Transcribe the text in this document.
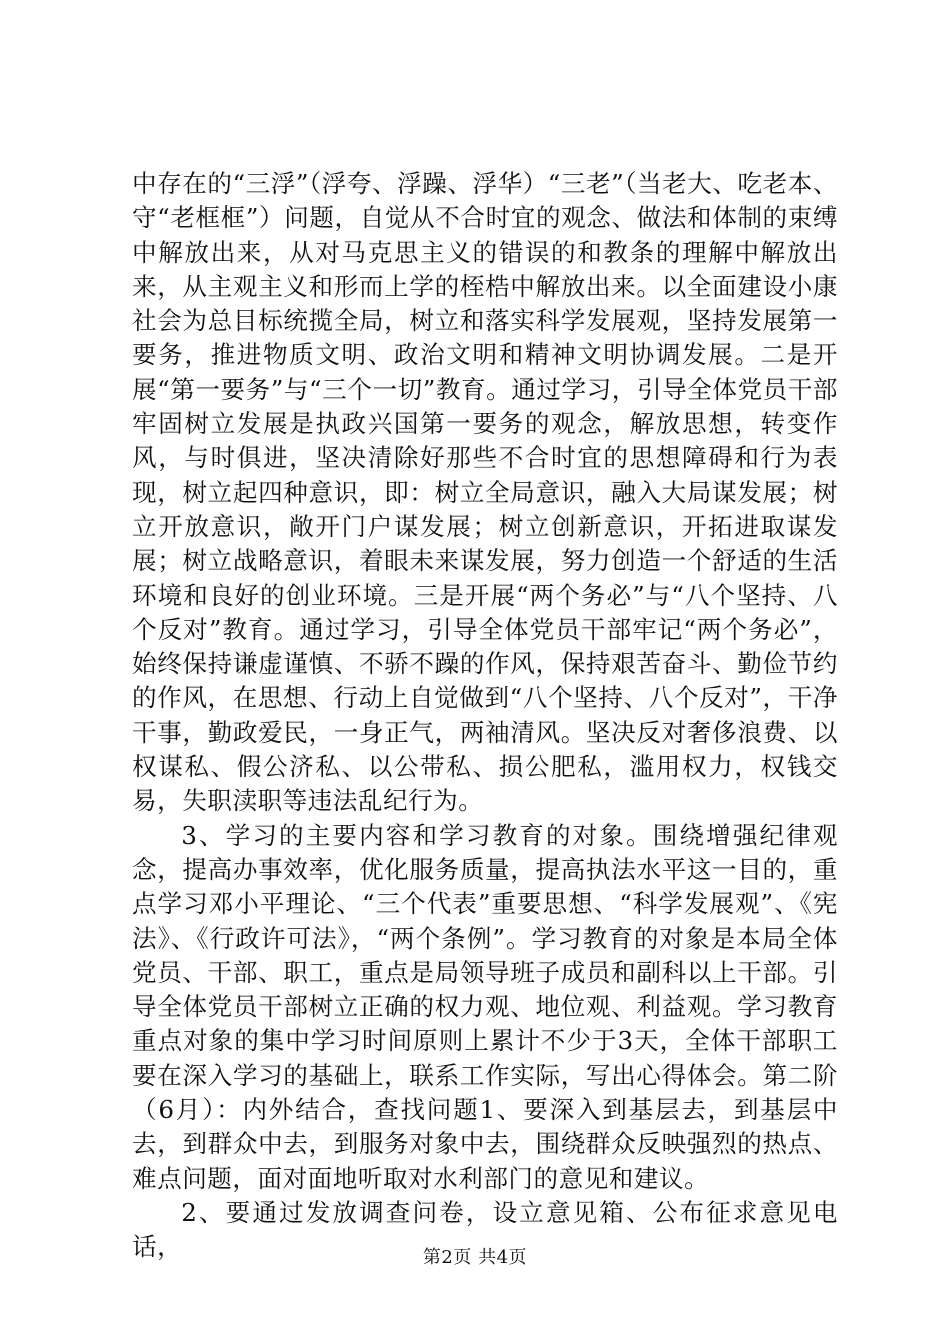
中存在的“三浮”（浮夸、浮躁、浮华）“三老”（当老大、吃老本、守“老框框”）问题，自觉从不合时宜的观念、做法和体制的束缚中解放出来，从对马克思主义的错误的和教条的理解中解放出来，从主观主义和形而上学的桎梏中解放出来。以全面建设小康社会为总目标统揽全局，树立和落实科学发展观，坚持发展第一要务，推进物质文明、政治文明和精神文明协调发展。二是开展“第一要务”与“三个一切”教育。通过学习，引导全体党员干部牢固树立发展是执政兴国第一要务的观念，解放思想，转变作风，与时俱进，坚决清除好那些不合时宜的思想障碍和行为表现，树立起四种意识，即：树立全局意识，融入大局谋发展；树立开放意识，敞开门户谋发展；树立创新意识，开拓进取谋发展；树立战略意识，着眼未来谋发展，努力创造一个舒适的生活环境和良好的创业环境。三是开展“两个务必”与“八个坚持、八个反对”教育。通过学习，引导全体党员干部牢记“两个务必”，始终保持谦虚谨慎、不骄不躁的作风，保持艰苦奋斗、勤俭节约的作风，在思想、行动上自觉做到“八个坚持、八个反对”，干净干事，勤政爱民，一身正气，两袖清风。坚决反对奢侈浪费、以权谋私、假公济私、以公带私、损公肥私，滥用权力，权钱交易，失职渎职等违法乱纪行为。

3、学习的主要内容和学习教育的对象。围绕增强纪律观念，提高办事效率，优化服务质量，提高执法水平这一目的，重点学习邓小平理论、“三个代表”重要思想、“科学发展观”、《宪法》、《行政许可法》，“两个条例”。学习教育的对象是本局全体党员、干部、职工，重点是局领导班子成员和副科以上干部。引导全体党员干部树立正确的权力观、地位观、利益观。学习教育重点对象的集中学习时间原则上累计不少于3天，全体干部职工要在深入学习的基础上，联系工作实际，写出心得体会。第二阶（6月）：内外结合，查找问题1、要深入到基层去，到基层中去，到群众中去，到服务对象中去，围绕群众反映强烈的热点、难点问题，面对面地听取对水利部门的意见和建议。

2、要通过发放调查问卷，设立意见箱、公布征求意见电话，	第2页 共4页
